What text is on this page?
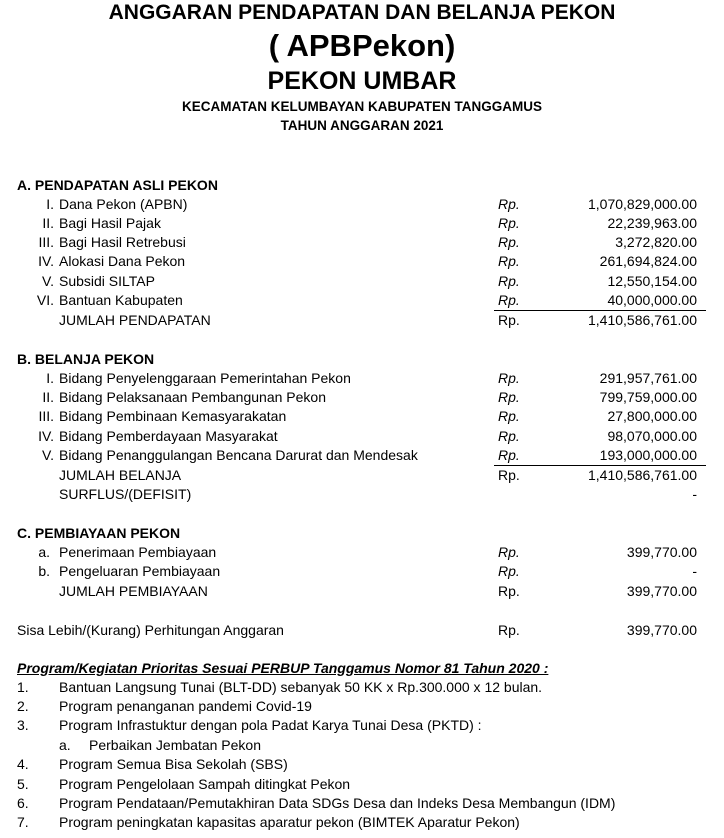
ANGGARAN PENDAPATAN DAN BELANJA PEKON
( APBPekon)
PEKON UMBAR
KECAMATAN KELUMBAYAN KABUPATEN TANGGAMUS
TAHUN ANGGARAN 2021
A. PENDAPATAN ASLI PEKON
I. Dana Pekon (APBN)	Rp.	1,070,829,000.00
II. Bagi Hasil Pajak	Rp.	22,239,963.00
III. Bagi Hasil Retrebusi	Rp.	3,272,820.00
IV. Alokasi Dana Pekon	Rp.	261,694,824.00
V. Subsidi SILTAP	Rp.	12,550,154.00
VI. Bantuan Kabupaten	Rp.	40,000,000.00
JUMLAH PENDAPATAN	Rp.	1,410,586,761.00
B. BELANJA PEKON
I. Bidang Penyelenggaraan Pemerintahan Pekon	Rp.	291,957,761.00
II. Bidang Pelaksanaan Pembangunan Pekon	Rp.	799,759,000.00
III. Bidang Pembinaan Kemasyarakatan	Rp.	27,800,000.00
IV. Bidang Pemberdayaan Masyarakat	Rp.	98,070,000.00
V. Bidang Penanggulangan Bencana Darurat dan Mendesak	Rp.	193,000,000.00
JUMLAH BELANJA	Rp.	1,410,586,761.00
SURFLUS/(DEFISIT)	-
C. PEMBIAYAAN PEKON
a. Penerimaan Pembiayaan	Rp.	399,770.00
b. Pengeluaran Pembiayaan	Rp.	-
JUMLAH PEMBIAYAAN	Rp.	399,770.00
Sisa Lebih/(Kurang) Perhitungan Anggaran	Rp.	399,770.00
Program/Kegiatan Prioritas Sesuai PERBUP Tanggamus Nomor 81 Tahun 2020 :
1. Bantuan Langsung Tunai (BLT-DD) sebanyak 50 KK x Rp.300.000 x 12 bulan.
2. Program penanganan pandemi Covid-19
3. Program Infrastuktur dengan pola Padat Karya Tunai Desa (PKTD) :
a. Perbaikan Jembatan Pekon
4. Program Semua Bisa Sekolah (SBS)
5. Program Pengelolaan Sampah ditingkat Pekon
6. Program Pendataan/Pemutakhiran Data SDGs Desa dan Indeks Desa Membangun (IDM)
7. Program peningkatan kapasitas aparatur pekon (BIMTEK Aparatur Pekon)
